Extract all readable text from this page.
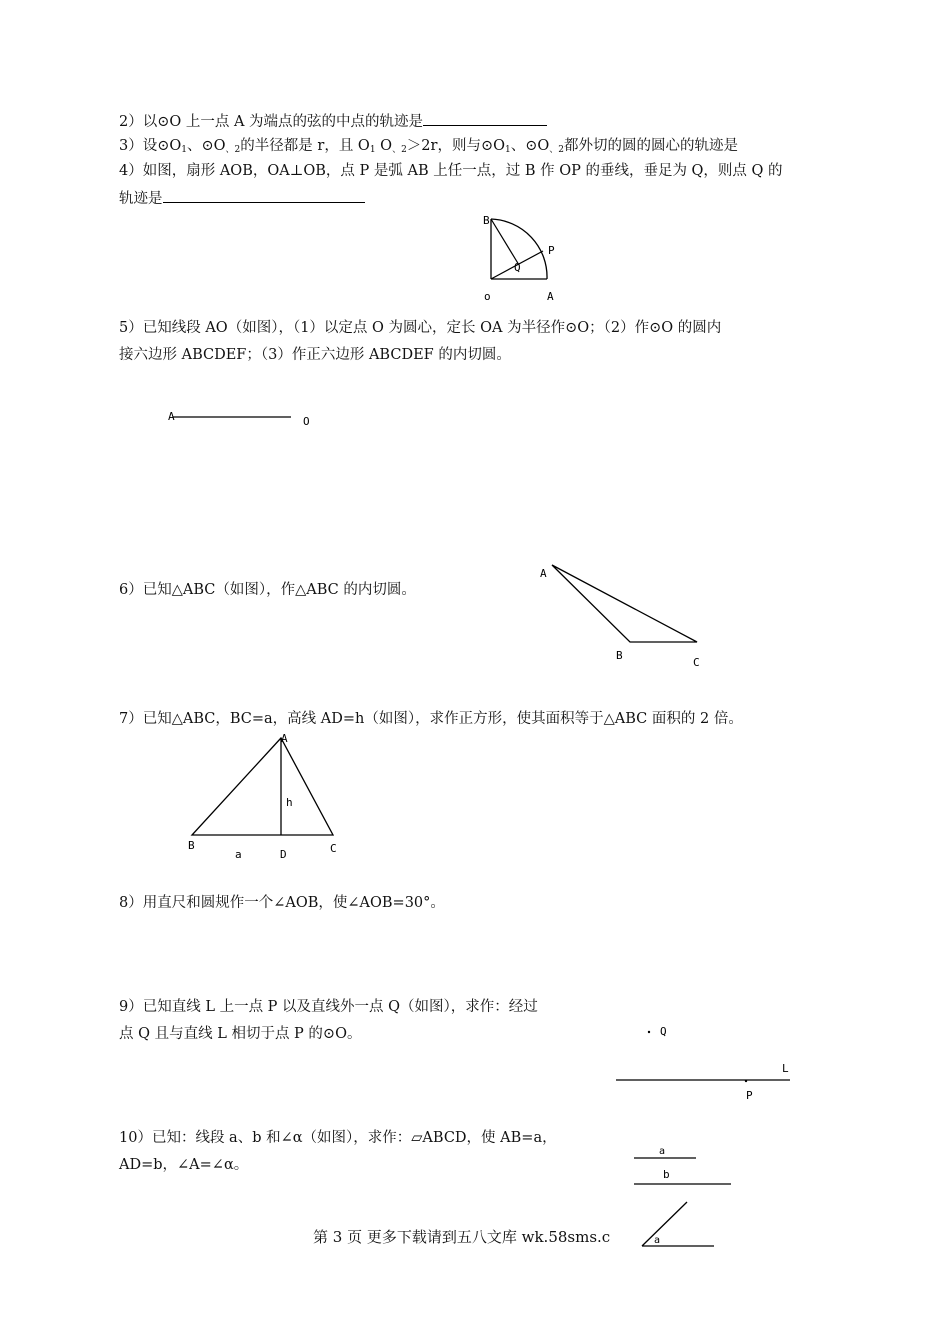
2）以⊙O 上一点 A 为端点的弦的中点的轨迹是
3）设$⊙O_1$、$⊙O_{、2}$的半径都是 r，且 $O_1$ $O_{、2}>2r$，则与$⊙O_1$、$⊙O_{、2}$都外切的圆的圆心的轨迹是
4）如图，扇形 AOB，OA⊥OB，点 P 是弧 AB 上任一点，过 B 作 OP 的垂线，垂足为 Q，则点 Q 的
轨迹是
B
P
Q
o	A
5）已知线段 AO（如图），（1）以定点 O 为圆心，定长 OA 为半径作⊙O；（2）作⊙O 的圆内
接六边形 ABCDEF；（3）作正六边形 ABCDEF 的内切圆。
A	O
6）已知△ABC（如图），作△ABC 的内切圆。
A
B
C
7）已知△ABC，BC=a，高线 AD=h（如图），求作正方形，使其面积等于△ABC 面积的 2 倍。
A
h
B
a	D	C
8）用直尺和圆规作一个∠AOB，使∠AOB=30°。
9）已知直线 L 上一点 P 以及直线外一点 Q（如图），求作：经过
点 Q 且与直线 L 相切于点 P 的⊙O。	Q
L
P
10）已知：线段 a、b 和∠α（如图），求作：▱ABCD，使 AB=a，
AD=b，∠A=∠α。
a
b
a
第 3 页 更多下载请到五八文库 wk.58sms.c
